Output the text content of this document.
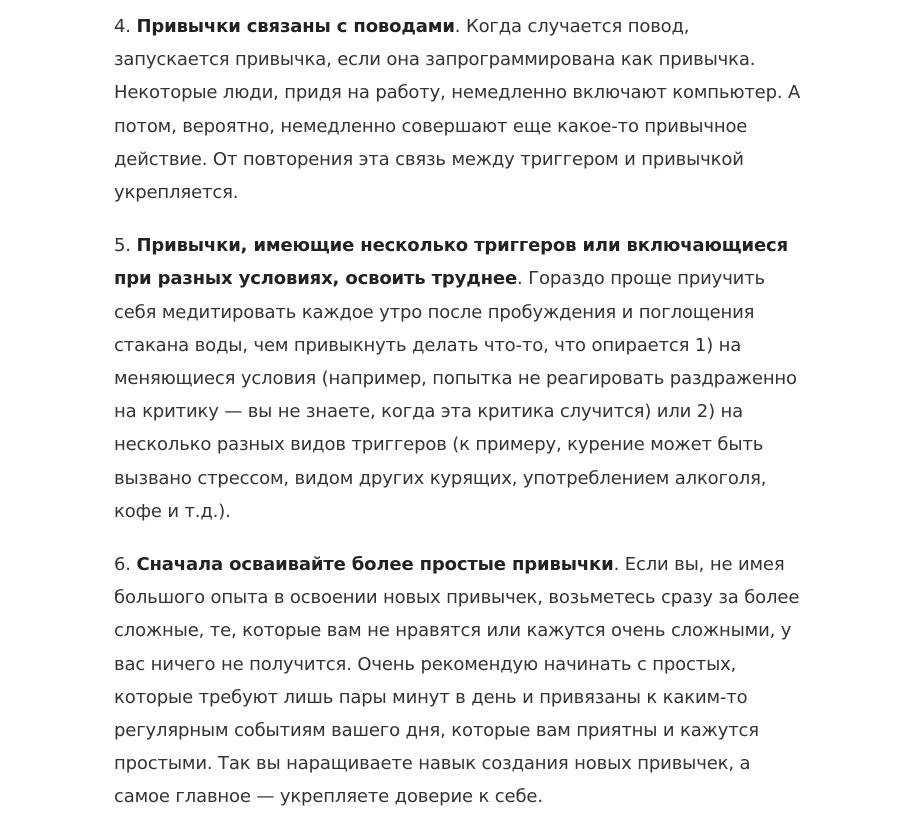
4. Привычки связаны с поводами. Когда случается повод, запускается привычка, если она запрограммирована как привычка. Некоторые люди, придя на работу, немедленно включают компьютер. А потом, вероятно, немедленно совершают еще какое-то привычное действие. От повторения эта связь между триггером и привычкой укрепляется.

5. Привычки, имеющие несколько триггеров или включающиеся при разных условиях, освоить труднее. Гораздо проще приучить себя медитировать каждое утро после пробуждения и поглощения стакана воды, чем привыкнуть делать что-то, что опирается 1) на меняющиеся условия (например, попытка не реагировать раздраженно на критику — вы не знаете, когда эта критика случится) или 2) на несколько разных видов триггеров (к примеру, курение может быть вызвано стрессом, видом других курящих, употреблением алкоголя, кофе и т.д.).

6. Сначала осваивайте более простые привычки. Если вы, не имея большого опыта в освоении новых привычек, возьметесь сразу за более сложные, те, которые вам не нравятся или кажутся очень сложными, у вас ничего не получится. Очень рекомендую начинать с простых, которые требуют лишь пары минут в день и привязаны к каким-то регулярным событиям вашего дня, которые вам приятны и кажутся простыми. Так вы наращиваете навык создания новых привычек, а самое главное — укрепляете доверие к себе.
